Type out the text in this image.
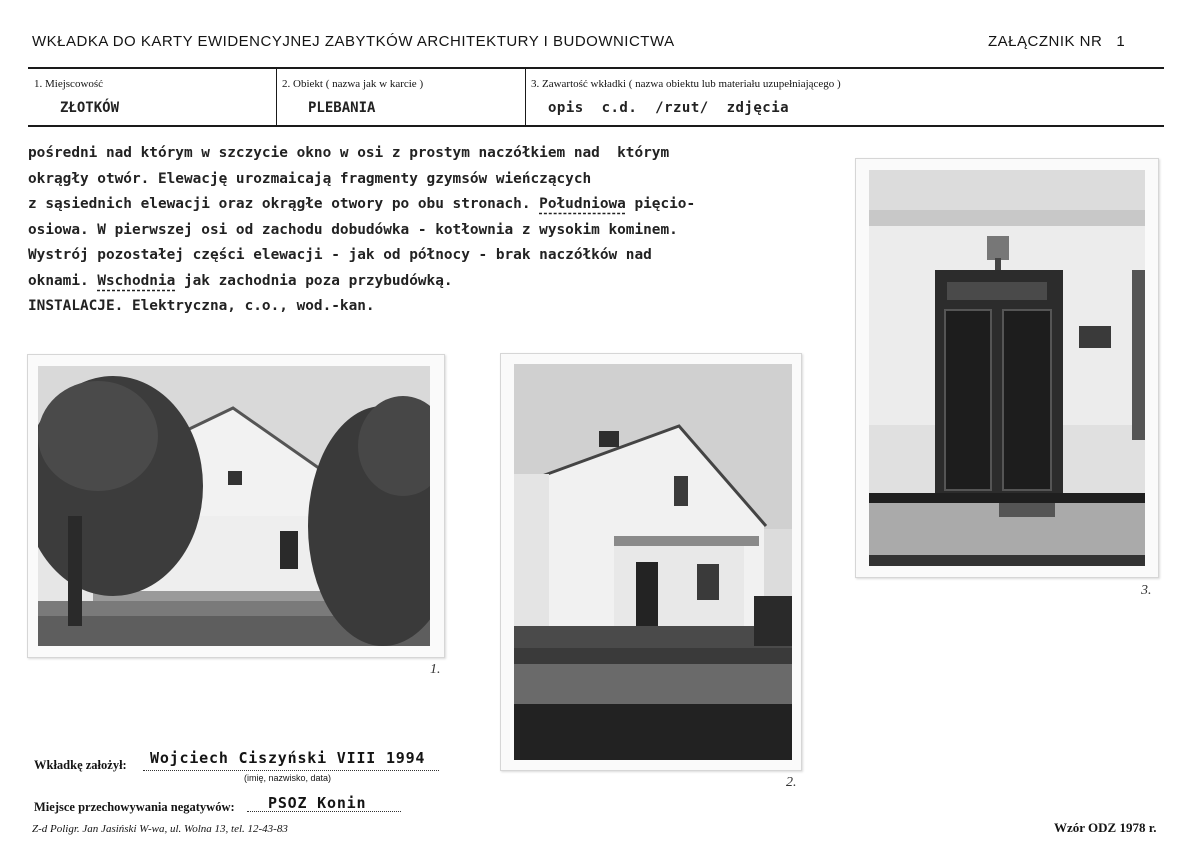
WKŁADKA DO KARTY EWIDENCYJNEJ ZABYTKÓW ARCHITEKTURY I BUDOWNICTWA	ZAŁĄCZNIK NR 1
1. Miejscowość	2. Obiekt ( nazwa jak w karcie )	3. Zawartość wkładki ( nazwa obiektu lub materiału uzupełniającego )
ZŁOTKÓW	PLEBANIA	opis  c.d.  /rzut/  zdjęcia
pośredni nad którym w szczycie okno w osi z prostym naczółkiem nad  którym
okrągły otwór. Elewację urozmaicają fragmenty gzymsów wieńczących
z sąsiednich elewacji oraz okrągłe otwory po obu stronach. Południowa pięcio-
osiowa. W pierwszej osi od zachodu dobudówka - kotłownia z wysokim kominem.
Wystrój pozostałej części elewacji - jak od północy - brak naczółków nad
oknami. Wschodnia jak zachodnia poza przybudówką.
INSTALACJE. Elektryczna, c.o., wod.-kan.
1.
2.
3.
Wkładkę założył: Wojciech Ciszyński VIII 1994
(imię, nazwisko, data)
Miejsce przechowywania negatywów: PSOZ Konin
Z-d Poligr. Jan Jasiński W-wa, ul. Wolna 13, tel. 12-43-83	Wzór ODZ 1978 r.
